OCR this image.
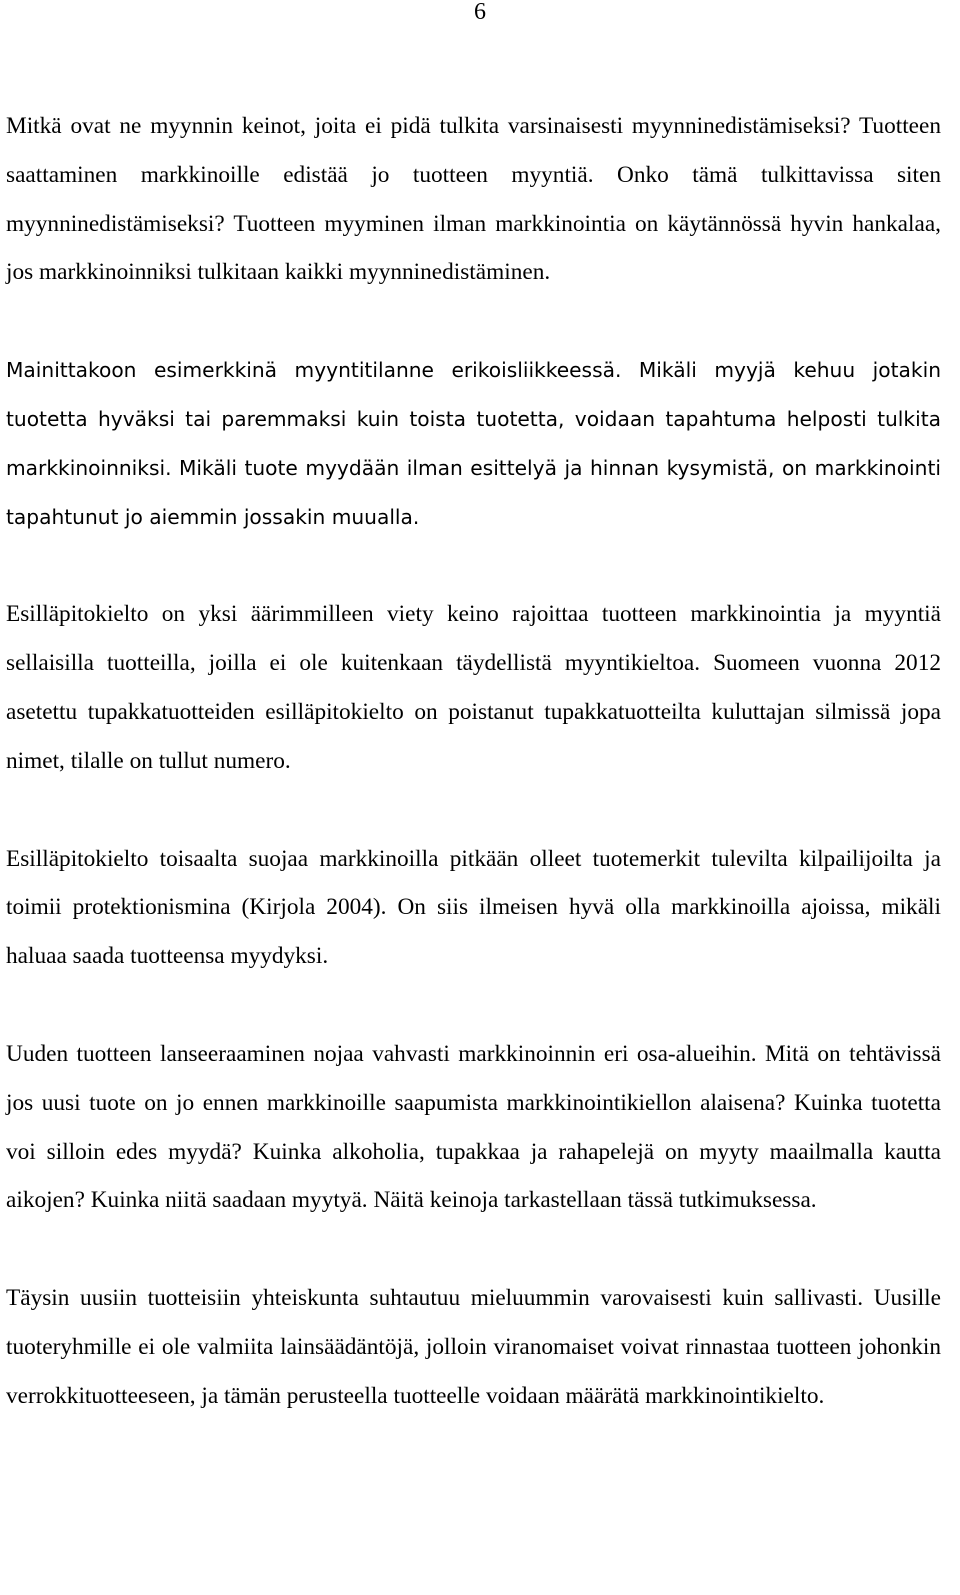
6

Mitkä ovat ne myynnin keinot, joita ei pidä tulkita varsinaisesti myynninedistämiseksi? Tuotteen saattaminen markkinoille edistää jo tuotteen myyntiä. Onko tämä tulkittavissa siten myynninedistämiseksi? Tuotteen myyminen ilman markkinointia on käytännössä hyvin hankalaa, jos markkinoinniksi tulkitaan kaikki myynninedistäminen.

Mainittakoon esimerkkinä myyntitilanne erikoisliikkeessä. Mikäli myyjä kehuu jotakin tuotetta hyväksi tai paremmaksi kuin toista tuotetta, voidaan tapahtuma helposti tulkita markkinoinniksi. Mikäli tuote myydään ilman esittelyä ja hinnan kysymistä, on markkinointi tapahtunut jo aiemmin jossakin muualla.

Esilläpitokielto on yksi äärimmilleen viety keino rajoittaa tuotteen markkinointia ja myyntiä sellaisilla tuotteilla, joilla ei ole kuitenkaan täydellistä myyntikieltoa. Suomeen vuonna 2012 asetettu tupakkatuotteiden esilläpitokielto on poistanut tupakkatuotteilta kuluttajan silmissä jopa nimet, tilalle on tullut numero.

Esilläpitokielto toisaalta suojaa markkinoilla pitkään olleet tuotemerkit tulevilta kilpailijoilta ja toimii protektionismina (Kirjola 2004). On siis ilmeisen hyvä olla markkinoilla ajoissa, mikäli haluaa saada tuotteensa myydyksi.

Uuden tuotteen lanseeraaminen nojaa vahvasti markkinoinnin eri osa-alueihin. Mitä on tehtävissä jos uusi tuote on jo ennen markkinoille saapumista markkinointikiellon alaisena? Kuinka tuotetta voi silloin edes myydä? Kuinka alkoholia, tupakkaa ja rahapelejä on myyty maailmalla kautta aikojen? Kuinka niitä saadaan myytyä. Näitä keinoja tarkastellaan tässä tutkimuksessa.

Täysin uusiin tuotteisiin yhteiskunta suhtautuu mieluummin varovaisesti kuin sallivasti. Uusille tuoteryhmille ei ole valmiita lainsäädäntöjä, jolloin viranomaiset voivat rinnastaa tuotteen johonkin verrokkituotteeseen, ja tämän perusteella tuotteelle voidaan määrätä markkinointikielto.
